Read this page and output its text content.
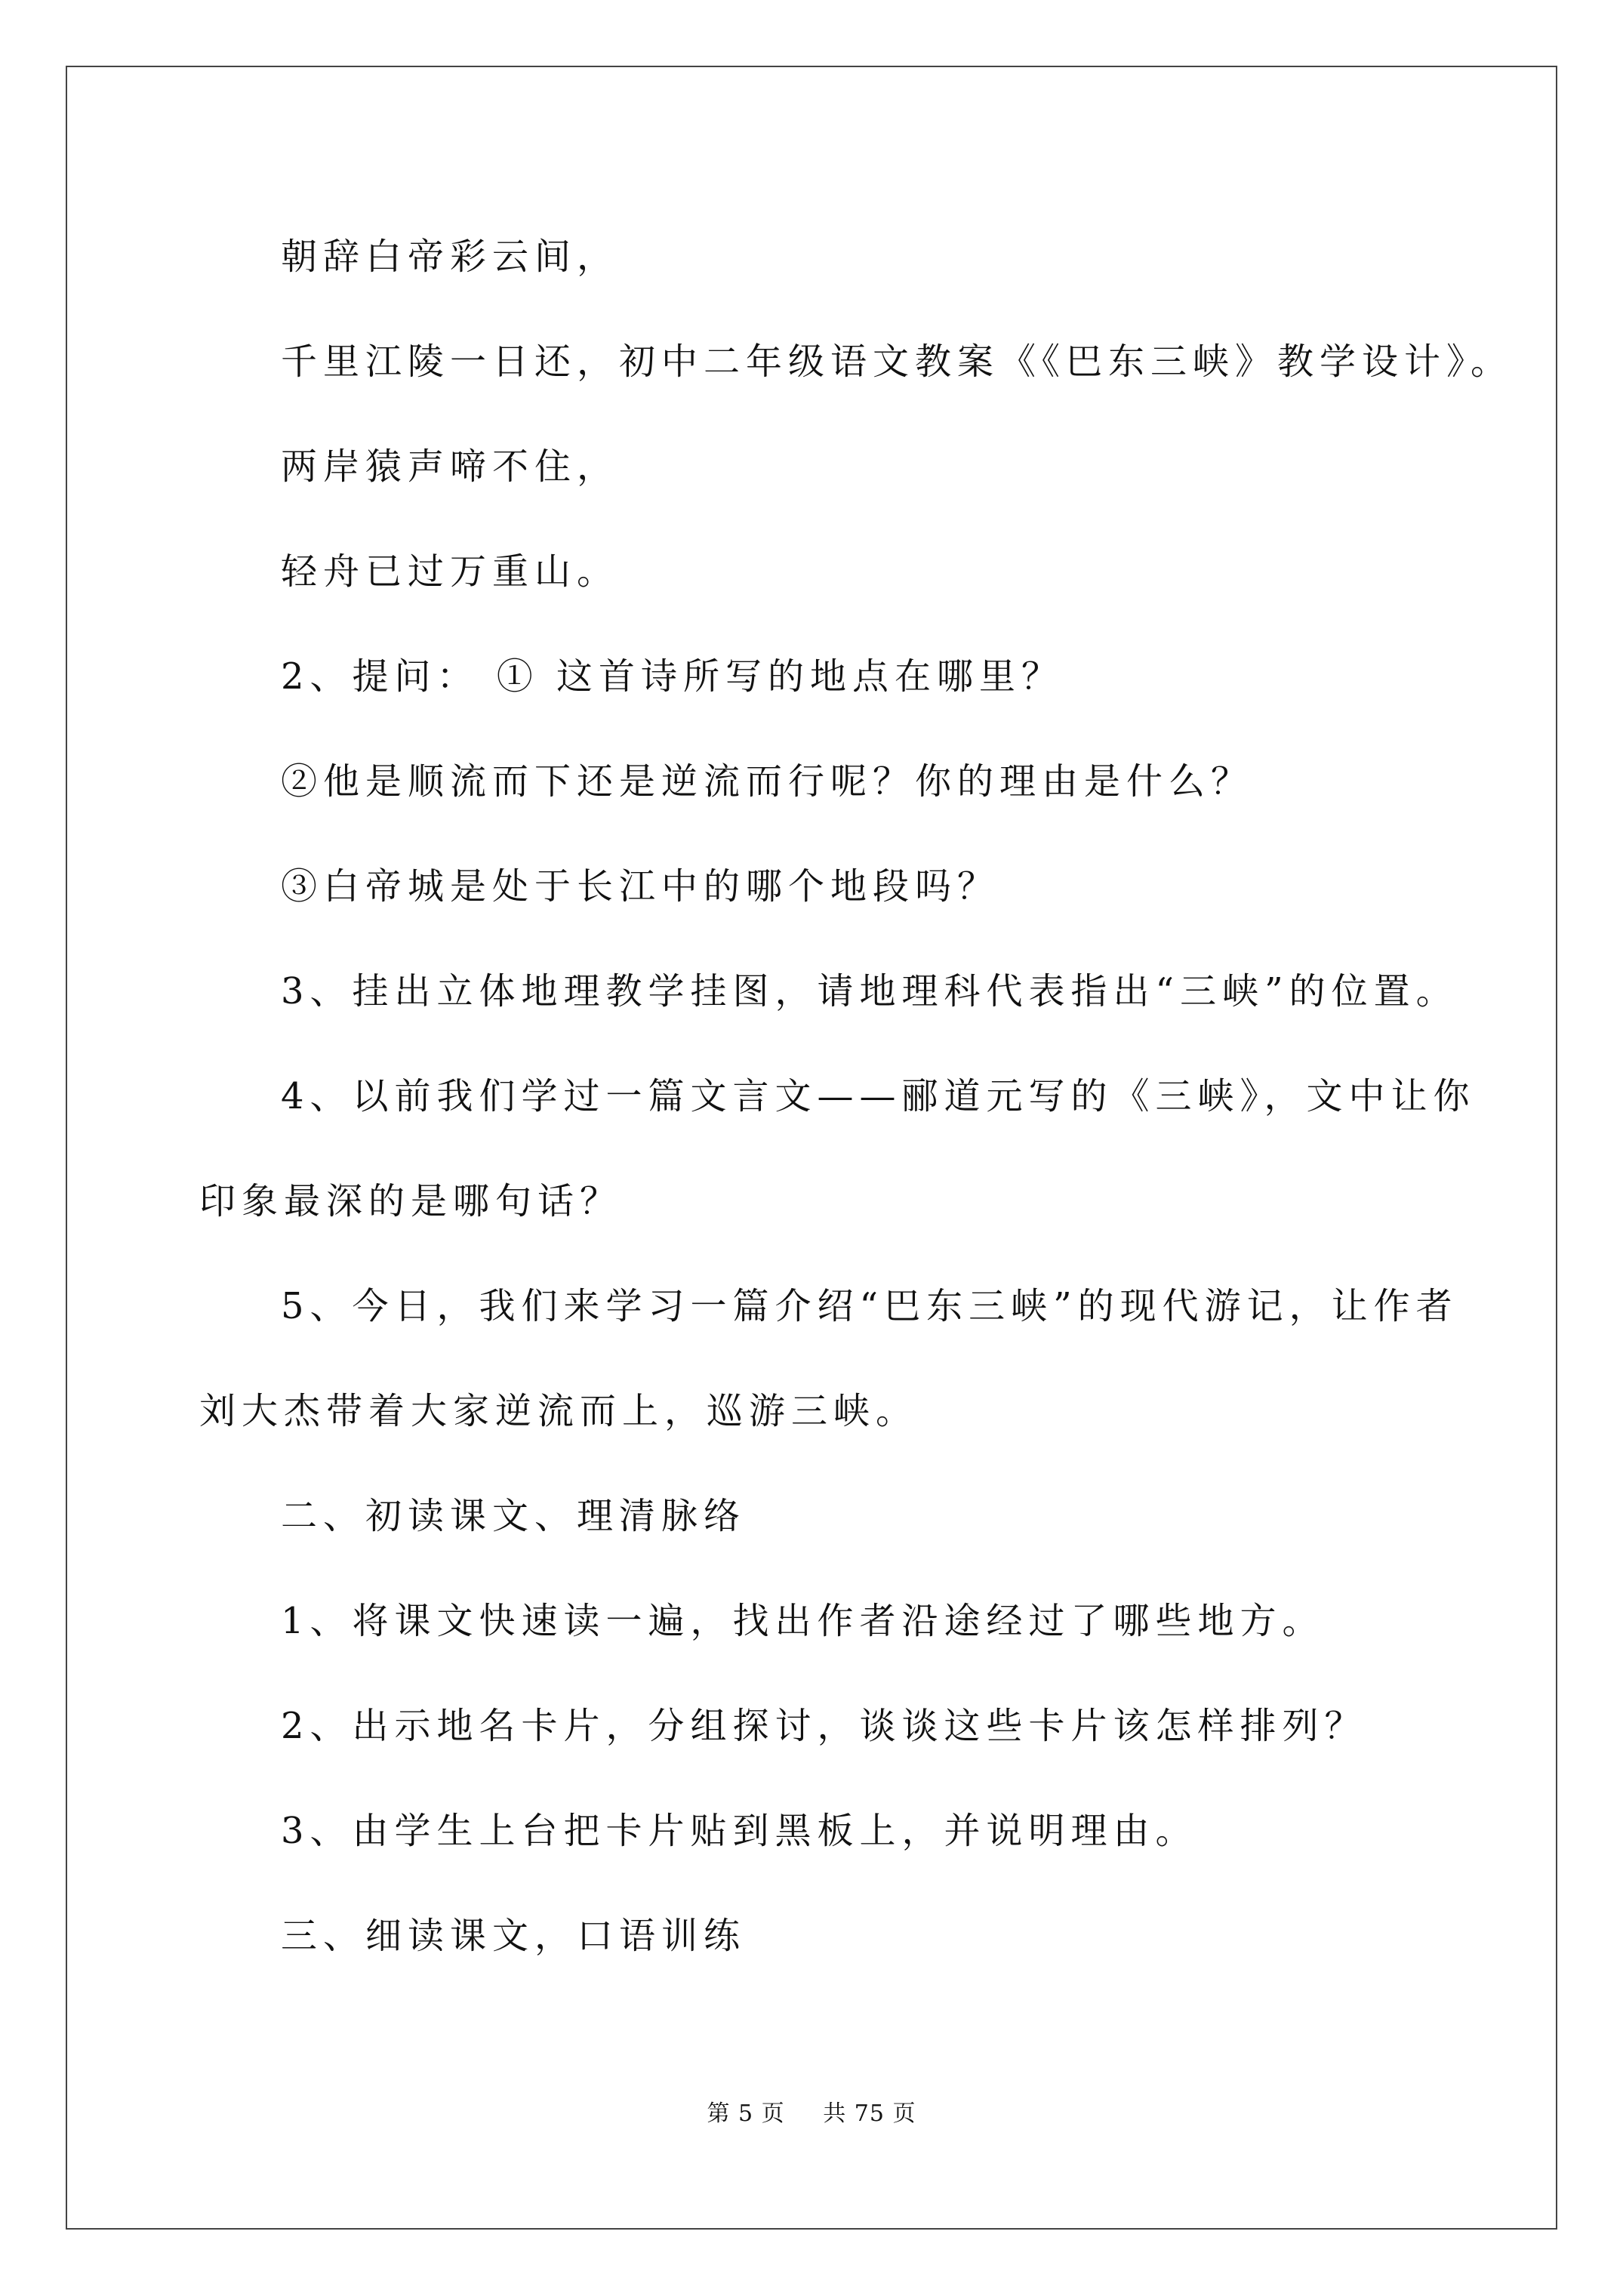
朝辞白帝彩云间，
千里江陵一日还，初中二年级语文教案《《巴东三峡》教学设计》。
两岸猿声啼不住，
轻舟已过万重山。
2、提问： ① 这首诗所写的地点在哪里？
②他是顺流而下还是逆流而行呢？你的理由是什么？
③白帝城是处于长江中的哪个地段吗？
3、挂出立体地理教学挂图，请地理科代表指出“三峡”的位置。
4、以前我们学过一篇文言文——郦道元写的《三峡》，文中让你
印象最深的是哪句话？
5、今日，我们来学习一篇介绍“巴东三峡”的现代游记，让作者
刘大杰带着大家逆流而上，巡游三峡。
二、初读课文、理清脉络
1、将课文快速读一遍，找出作者沿途经过了哪些地方。
2、出示地名卡片，分组探讨，谈谈这些卡片该怎样排列？
3、由学生上台把卡片贴到黑板上，并说明理由。
三、细读课文，口语训练
第 5 页 共 75 页
